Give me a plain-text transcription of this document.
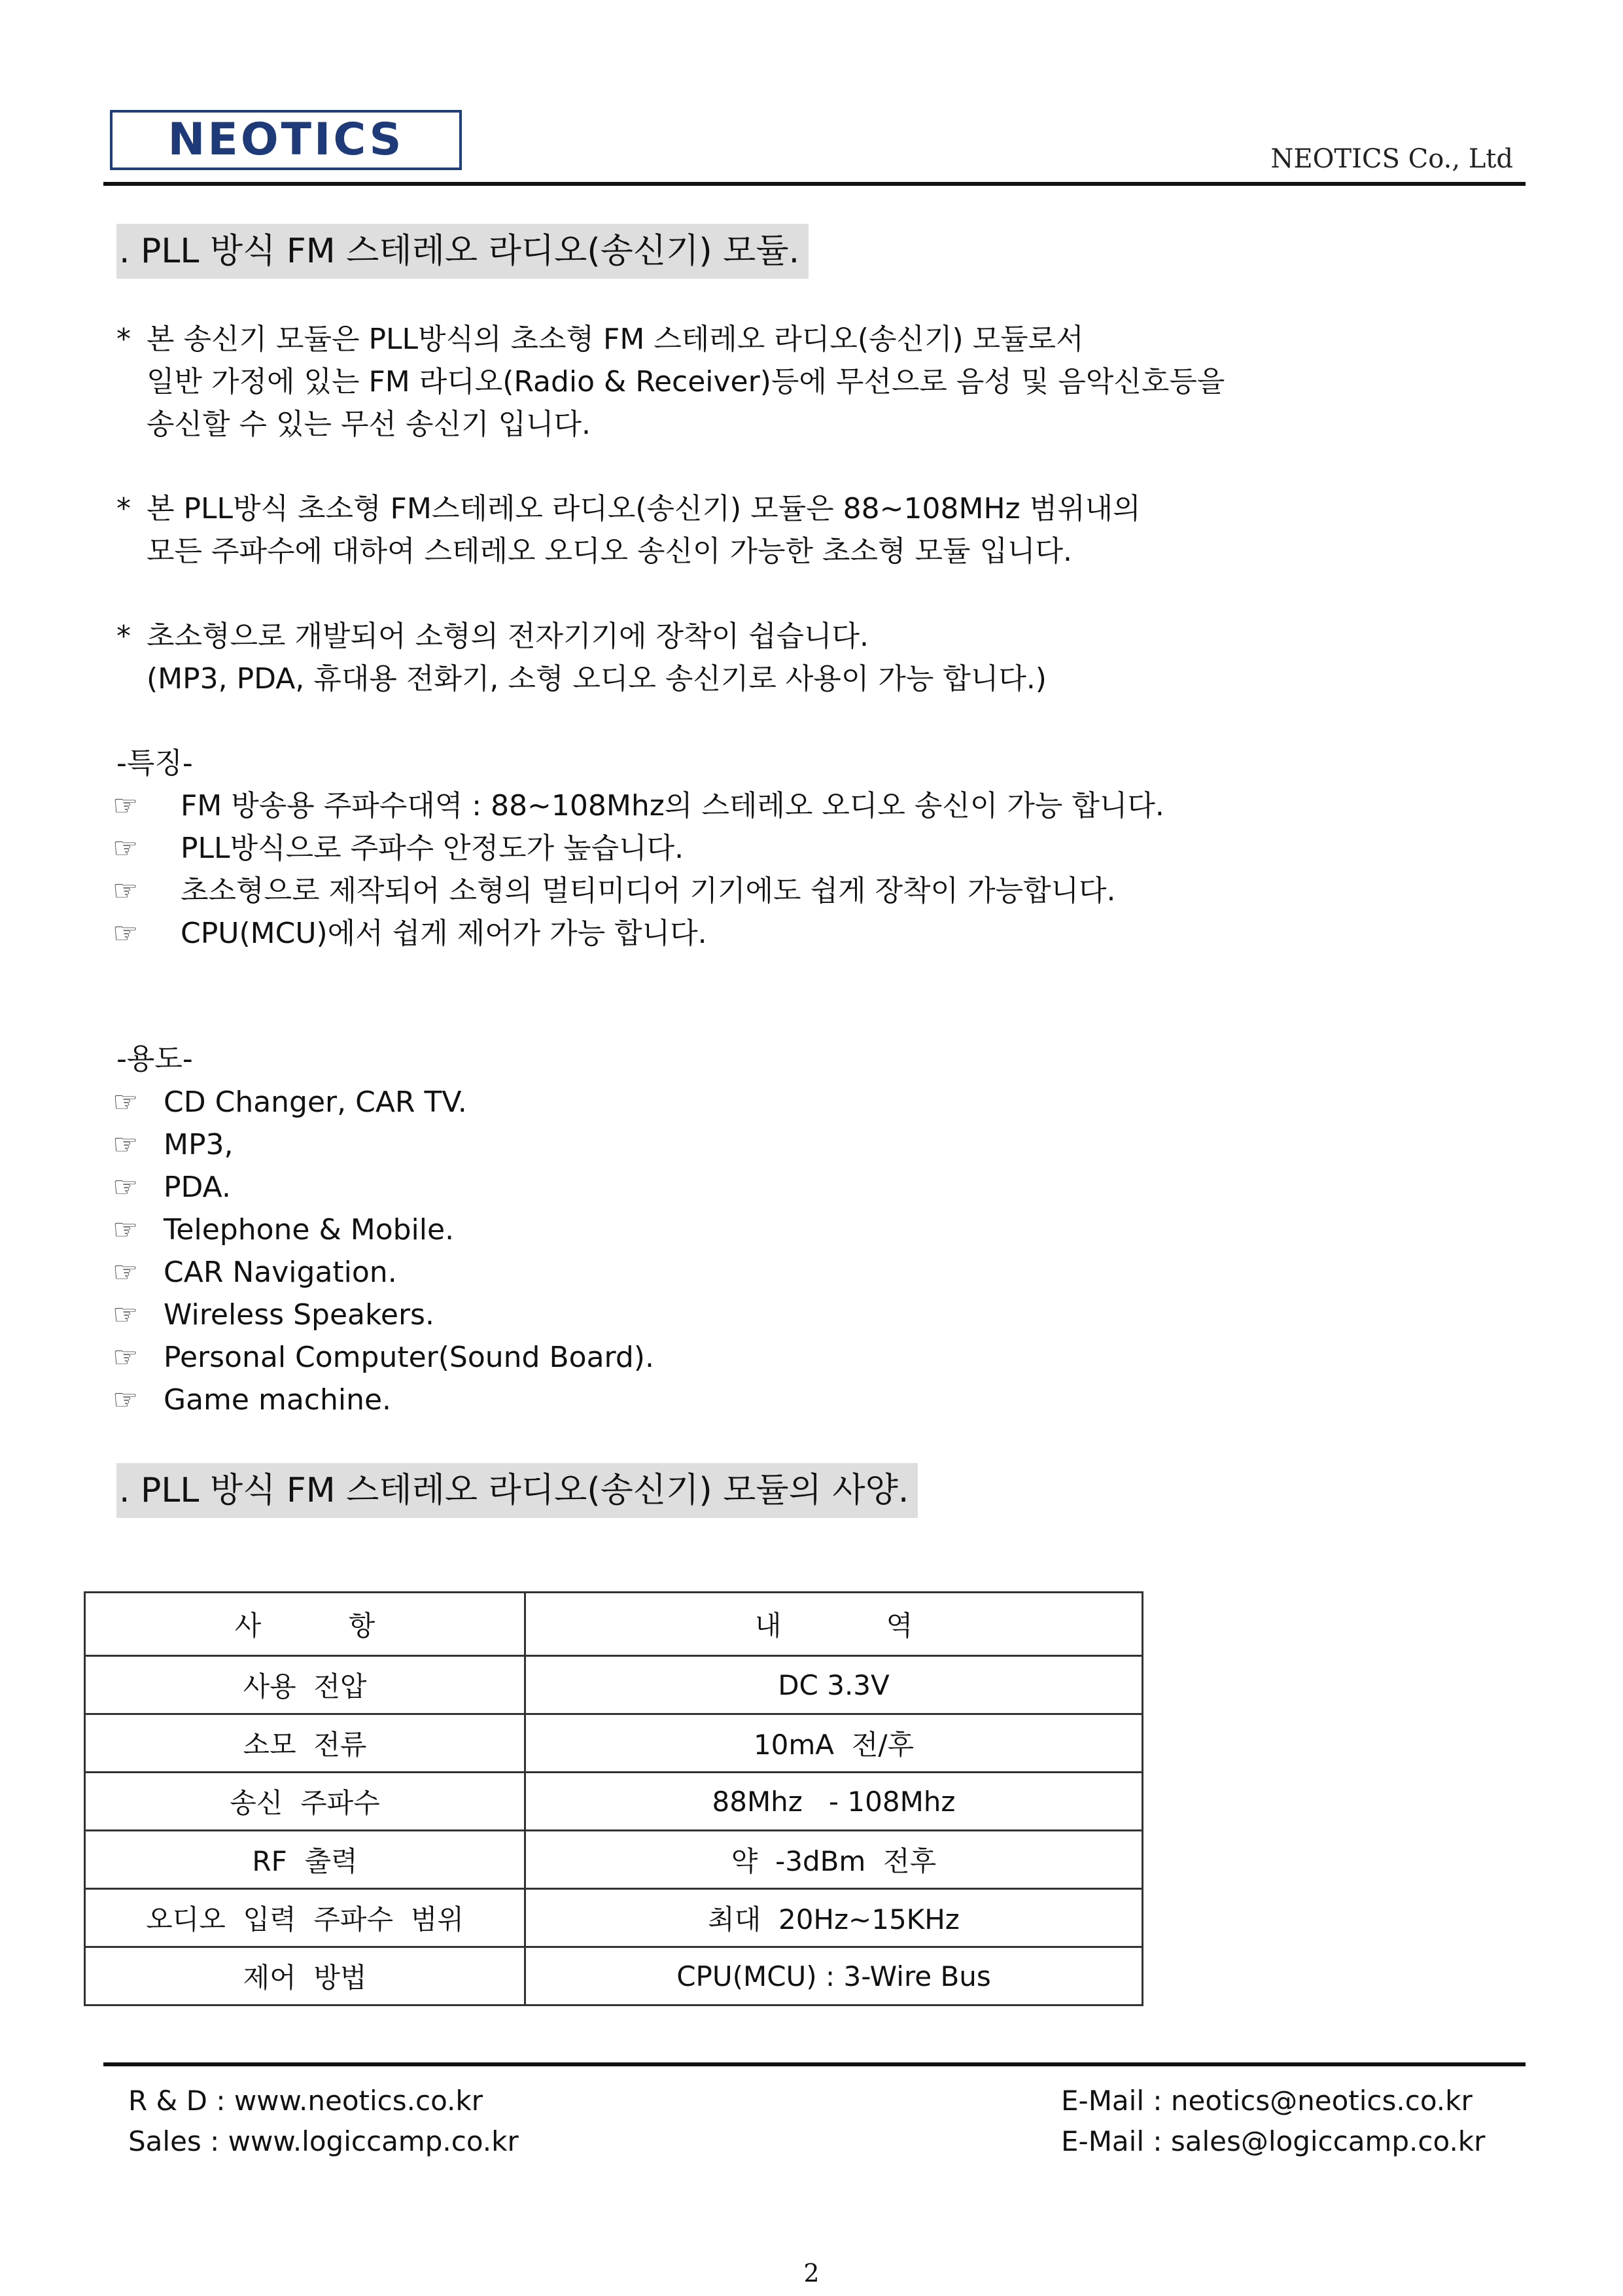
NEOTICS	NEOTICS Co., Ltd
. PLL 방식 FM 스테레오 라디오(송신기) 모듈.
* 본 송신기 모듈은 PLL방식의 초소형 FM 스테레오 라디오(송신기) 모듈로서
일반 가정에 있는 FM 라디오(Radio & Receiver)등에 무선으로 음성 및 음악신호등을
송신할 수 있는 무선 송신기 입니다.
* 본 PLL방식 초소형 FM스테레오 라디오(송신기) 모듈은 88~108MHz 범위내의
모든 주파수에 대하여 스테레오 오디오 송신이 가능한 초소형 모듈 입니다.
* 초소형으로 개발되어 소형의 전자기기에 장착이 쉽습니다.
(MP3, PDA, 휴대용 전화기, 소형 오디오 송신기로 사용이 가능 합니다.)
-특징-
☞	FM 방송용 주파수대역 : 88~108Mhz의 스테레오 오디오 송신이 가능 합니다.
☞	PLL방식으로 주파수 안정도가 높습니다.
☞	초소형으로 제작되어 소형의 멀티미디어 기기에도 쉽게 장착이 가능합니다.
☞	CPU(MCU)에서 쉽게 제어가 가능 합니다.
-용도-
☞ CD Changer, CAR TV.
☞ MP3,
☞ PDA.
☞ Telephone & Mobile.
☞ CAR Navigation.
☞ Wireless Speakers.
☞ Personal Computer(Sound Board).
☞ Game machine.
. PLL 방식 FM 스테레오 라디오(송신기) 모듈의 사양.
사          항	내            역
사용  전압	DC 3.3V
소모  전류	10mA  전/후
송신  주파수	88Mhz   - 108Mhz
RF  출력	약  -3dBm  전후
오디오  입력  주파수  범위	최대  20Hz~15KHz
제어  방법	CPU(MCU) : 3-Wire Bus
R & D : www.neotics.co.kr
Sales : www.logiccamp.co.kr
E-Mail : neotics@neotics.co.kr
E-Mail : sales@logiccamp.co.kr
2
